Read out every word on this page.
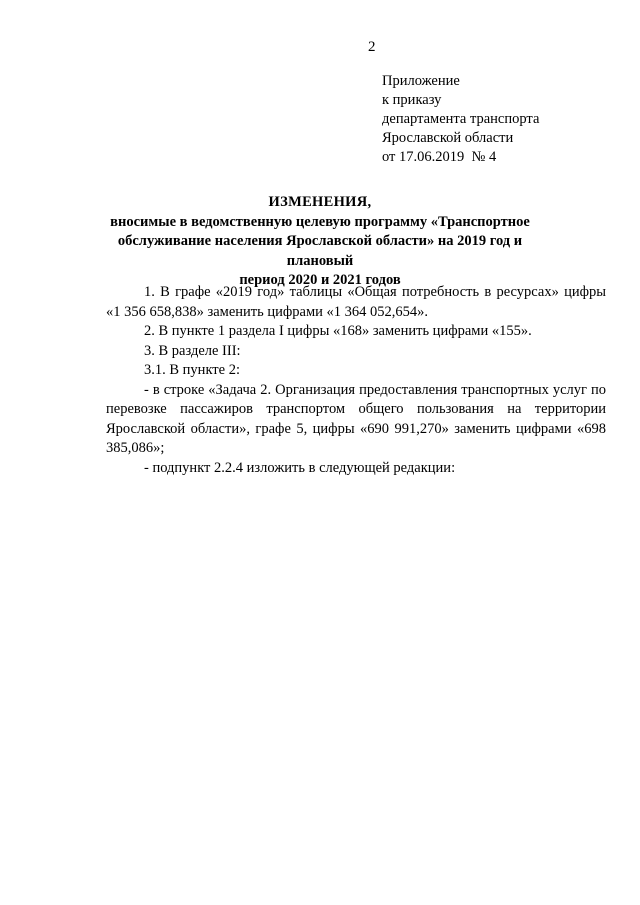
2
Приложение
к приказу
департамента транспорта
Ярославской области
от 17.06.2019  № 4
ИЗМЕНЕНИЯ,
вносимые в ведомственную целевую программу «Транспортное
обслуживание населения Ярославской области» на 2019 год и плановый
период 2020 и 2021 годов

1. В графе «2019 год» таблицы «Общая потребность в ресурсах» цифры «1 356 658,838» заменить цифрами «1 364 052,654».

2. В пункте 1 раздела I цифры «168» заменить цифрами «155».

3. В разделе III:

3.1. В пункте 2:

- в строке «Задача 2. Организация предоставления транспортных услуг по перевозке пассажиров транспортом общего пользования на территории Ярославской области», графе 5, цифры «690 991,270» заменить цифрами «698 385,086»;

- подпункт 2.2.4 изложить в следующей редакции:
